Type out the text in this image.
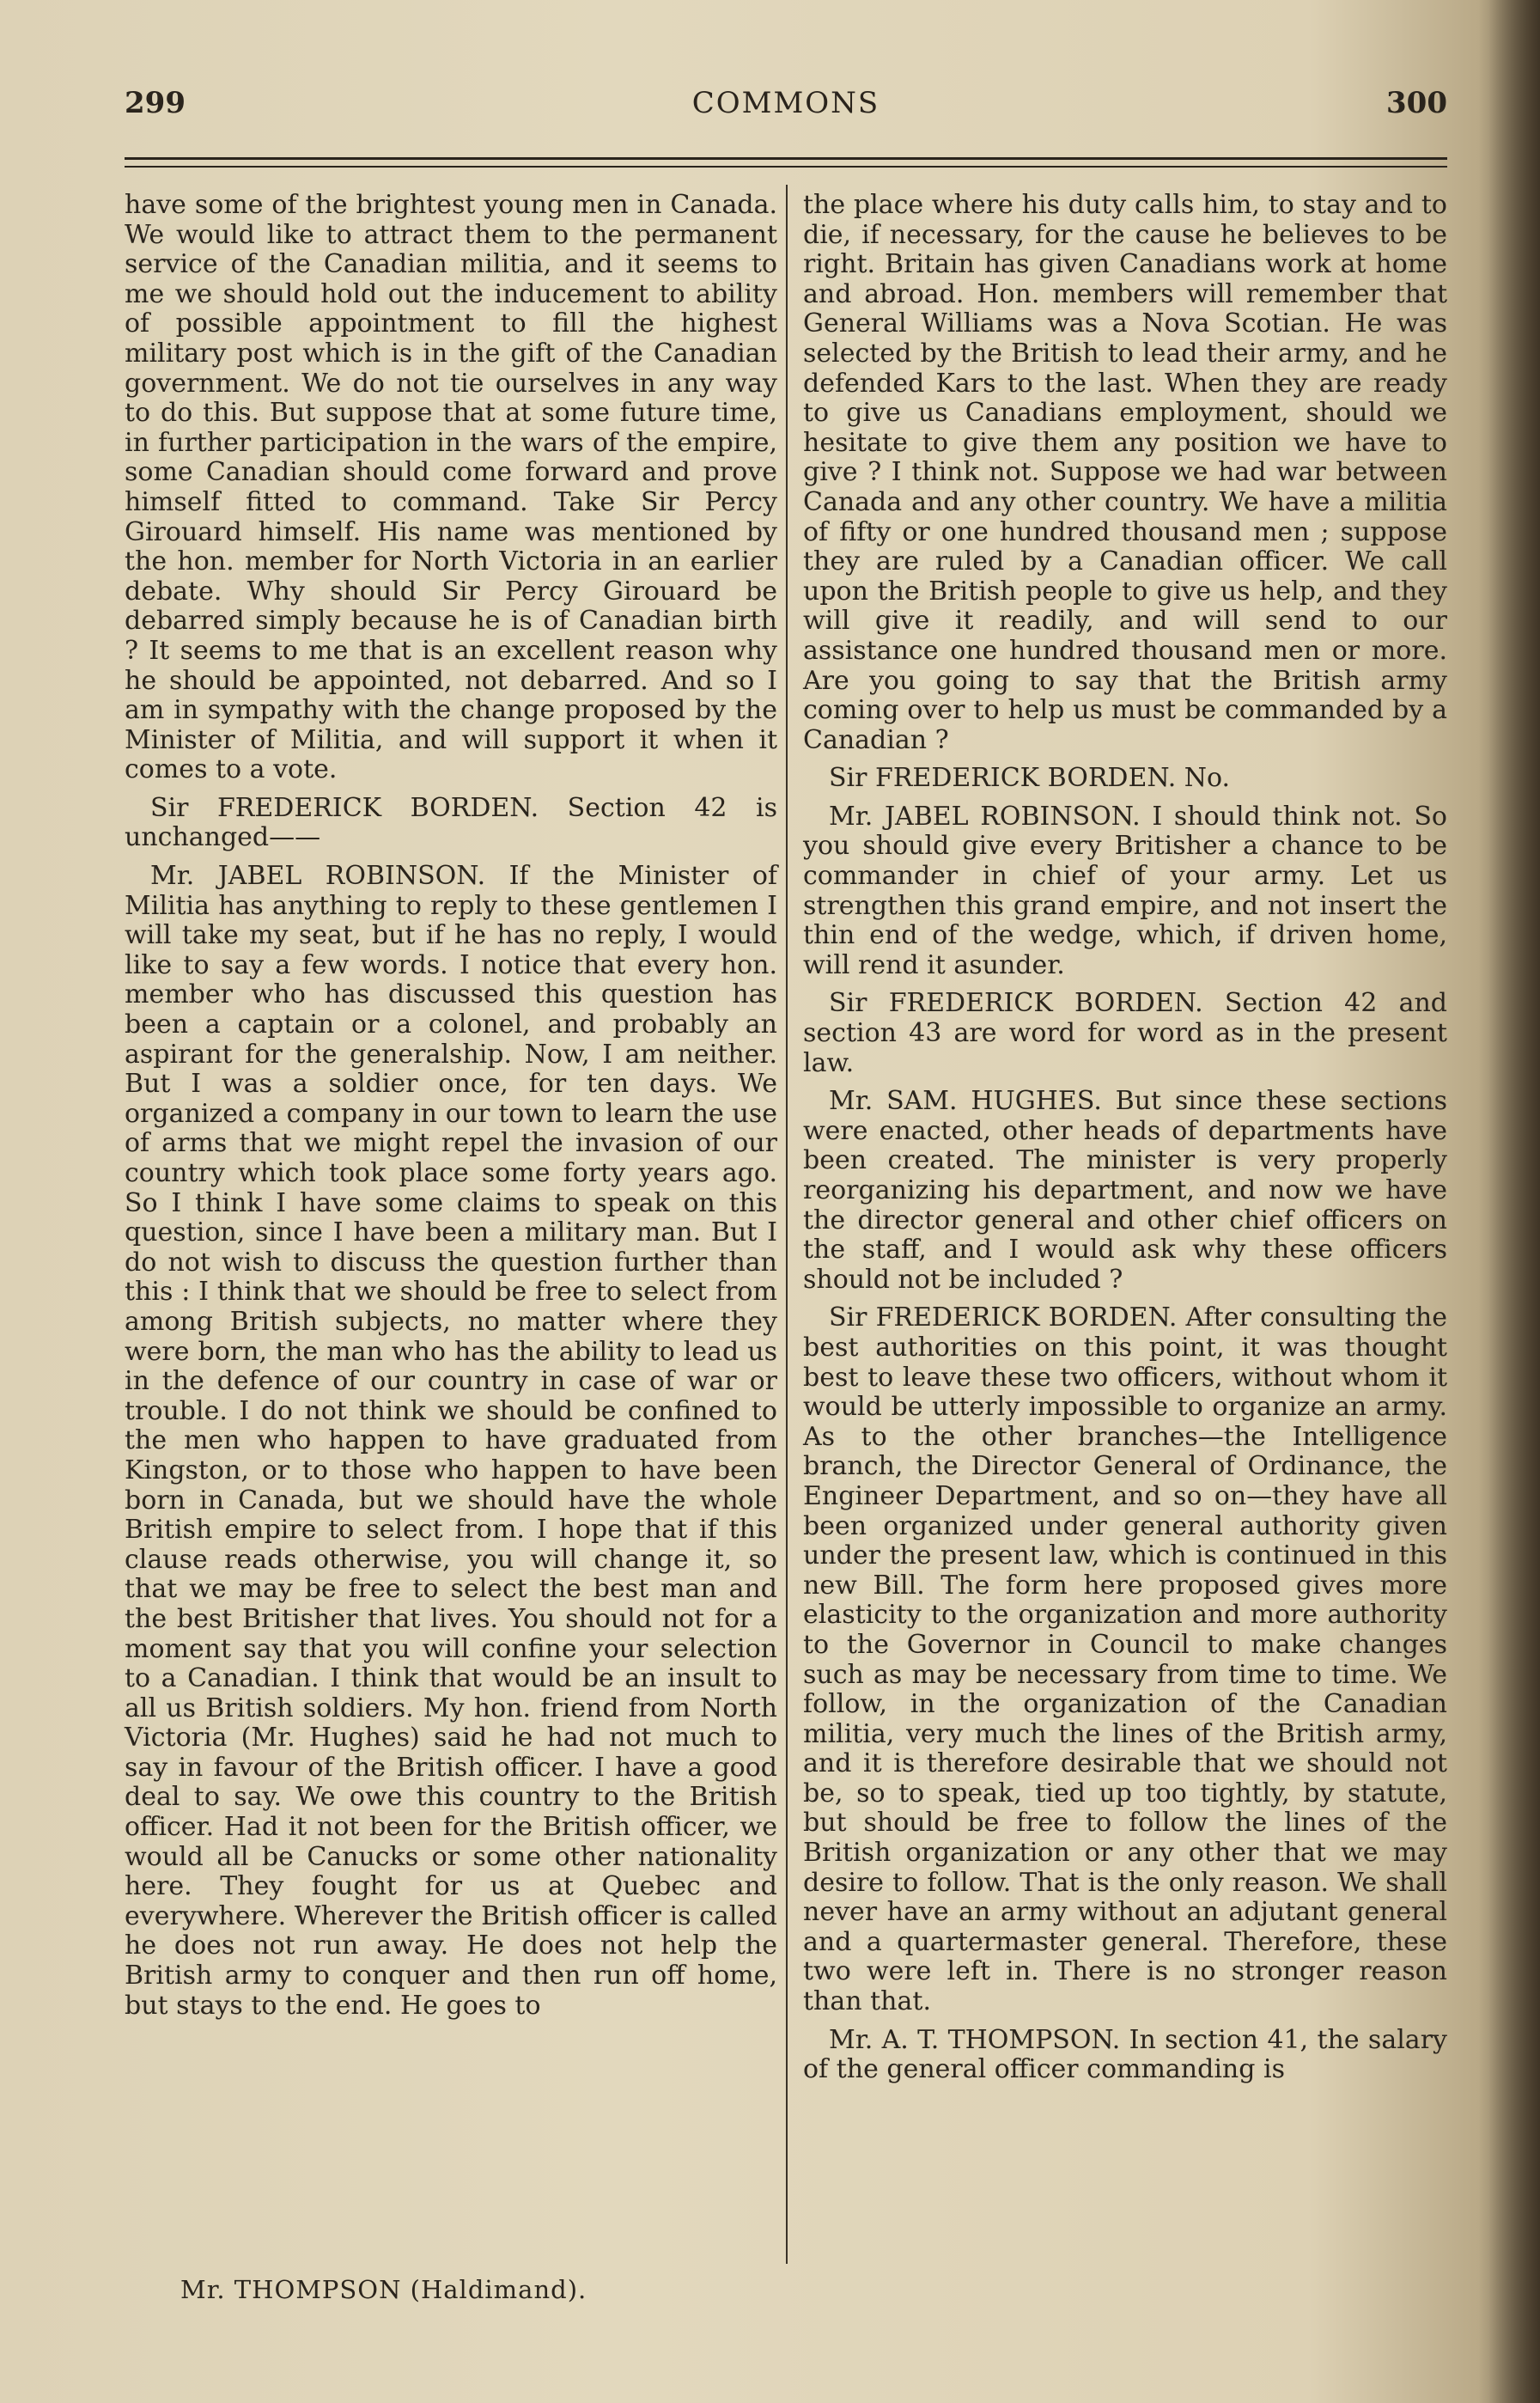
299	COMMONS	300

have some of the brightest young men in Canada. We would like to attract them to the permanent service of the Canadian militia, and it seems to me we should hold out the inducement to ability of possible appointment to fill the highest military post which is in the gift of the Canadian government. We do not tie ourselves in any way to do this. But suppose that at some future time, in further participation in the wars of the empire, some Canadian should come forward and prove himself fitted to command. Take Sir Percy Girouard himself. His name was mentioned by the hon. member for North Victoria in an earlier debate. Why should Sir Percy Girouard be debarred simply because he is of Canadian birth ? It seems to me that is an excellent reason why he should be appointed, not debarred. And so I am in sympathy with the change proposed by the Minister of Militia, and will support it when it comes to a vote.

Sir FREDERICK BORDEN. Section 42 is unchanged——

Mr. JABEL ROBINSON. If the Minister of Militia has anything to reply to these gentlemen I will take my seat, but if he has no reply, I would like to say a few words. I notice that every hon. member who has discussed this question has been a captain or a colonel, and probably an aspirant for the generalship. Now, I am neither. But I was a soldier once, for ten days. We organized a company in our town to learn the use of arms that we might repel the invasion of our country which took place some forty years ago. So I think I have some claims to speak on this question, since I have been a military man. But I do not wish to discuss the question further than this : I think that we should be free to select from among British subjects, no matter where they were born, the man who has the ability to lead us in the defence of our country in case of war or trouble. I do not think we should be confined to the men who happen to have graduated from Kingston, or to those who happen to have been born in Canada, but we should have the whole British empire to select from. I hope that if this clause reads otherwise, you will change it, so that we may be free to select the best man and the best Britisher that lives. You should not for a moment say that you will confine your selection to a Canadian. I think that would be an insult to all us British soldiers. My hon. friend from North Victoria (Mr. Hughes) said he had not much to say in favour of the British officer. I have a good deal to say. We owe this country to the British officer. Had it not been for the British officer, we would all be Canucks or some other nationality here. They fought for us at Quebec and everywhere. Wherever the British officer is called he does not run away. He does not help the British army to conquer and then run off home, but stays to the end. He goes to

the place where his duty calls him, to stay and to die, if necessary, for the cause he believes to be right. Britain has given Canadians work at home and abroad. Hon. members will remember that General Williams was a Nova Scotian. He was selected by the British to lead their army, and he defended Kars to the last. When they are ready to give us Canadians employment, should we hesitate to give them any position we have to give ? I think not. Suppose we had war between Canada and any other country. We have a militia of fifty or one hundred thousand men ; suppose they are ruled by a Canadian officer. We call upon the British people to give us help, and they will give it readily, and will send to our assistance one hundred thousand men or more. Are you going to say that the British army coming over to help us must be commanded by a Canadian ?

Sir FREDERICK BORDEN. No.

Mr. JABEL ROBINSON. I should think not. So you should give every Britisher a chance to be commander in chief of your army. Let us strengthen this grand empire, and not insert the thin end of the wedge, which, if driven home, will rend it asunder.

Sir FREDERICK BORDEN. Section 42 and section 43 are word for word as in the present law.

Mr. SAM. HUGHES. But since these sections were enacted, other heads of departments have been created. The minister is very properly reorganizing his department, and now we have the director general and other chief officers on the staff, and I would ask why these officers should not be included ?

Sir FREDERICK BORDEN. After consulting the best authorities on this point, it was thought best to leave these two officers, without whom it would be utterly impossible to organize an army. As to the other branches—the Intelligence branch, the Director General of Ordinance, the Engineer Department, and so on—they have all been organized under general authority given under the present law, which is continued in this new Bill. The form here proposed gives more elasticity to the organization and more authority to the Governor in Council to make changes such as may be necessary from time to time. We follow, in the organization of the Canadian militia, very much the lines of the British army, and it is therefore desirable that we should not be, so to speak, tied up too tightly, by statute, but should be free to follow the lines of the British organization or any other that we may desire to follow. That is the only reason. We shall never have an army without an adjutant general and a quartermaster general. Therefore, these two were left in. There is no stronger reason than that.

Mr. A. T. THOMPSON. In section 41, the salary of the general officer commanding is

Mr. THOMPSON (Haldimand).
